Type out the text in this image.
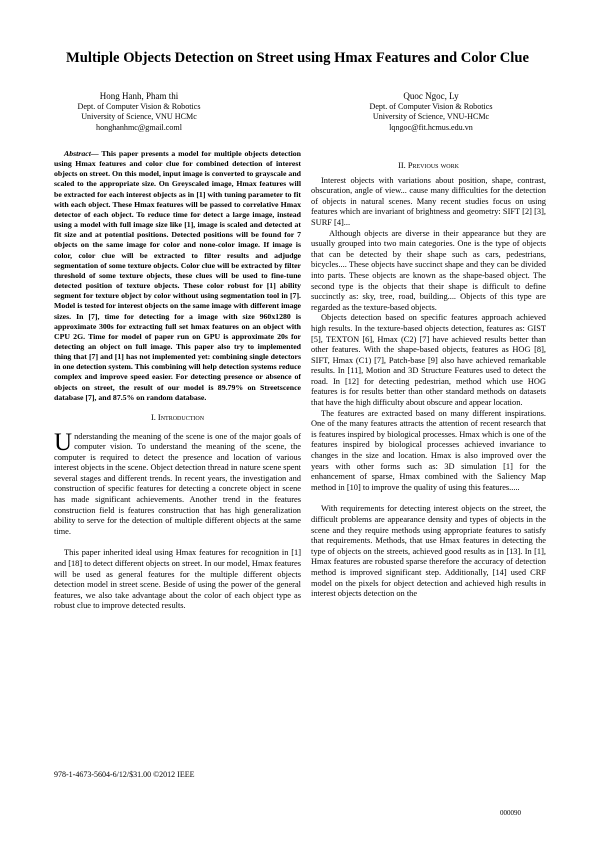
Multiple Objects Detection on Street using Hmax Features and Color Clue
Hong Hanh, Pham thi
Dept. of Computer Vision & Robotics
University of Science, VNU HCMc
honghanhmc@gmail.coml
Quoc Ngoc, Ly
Dept. of Computer Vision & Robotics
University of Science, VNU-HCMc
lqngoc@fit.hcmus.edu.vn

Abstract— This paper presents a model for multiple objects detection using Hmax features and color clue for combined detection of interest objects on street. On this model, input image is converted to grayscale and scaled to the appropriate size. On Greyscaled image, Hmax features will be extracted for each interest objects as in [1] with tuning parameter to fit with each object. These Hmax features will be passed to correlative Hmax detector of each object. To reduce time for detect a large image, instead using a model with full image size like [1], image is scaled and detected at fit size and at potential positions. Detected positions will be found for 7 objects on the same image for color and none-color image. If image is color, color clue will be extracted to filter results and adjudge segmentation of some texture objects. Color clue will be extracted by filter threshold of some texture objects, these clues will be used to fine-tune detected position of texture objects. These color robust for [1] ability segment for texture object by color without using segmentation tool in [7]. Model is tested for interest objects on the same image with different image sizes. In [7], time for detecting for a image with size 960x1280 is approximate 300s for extracting full set hmax features on an object with CPU 2G. Time for model of paper run on GPU is approximate 20s for detecting an object on full image. This paper also try to implemented thing that [7] and [1] has not implemented yet: combining single detectors in one detection system. This combining will help detection systems reduce complex and improve speed easier. For detecting presence or absence of objects on street, the result of our model is 89.79% on Streetscence database [7], and 87.5% on random database.

I. Introduction

Understanding the meaning of the scene is one of the major goals of computer vision. To understand the meaning of the scene, the computer is required to detect the presence and location of various interest objects in the scene. Object detection thread in nature scene spent several stages and different trends. In recent years, the investigation and construction of specific features for detecting a concrete object in scene has made significant achievements. Another trend in the features construction field is features construction that has high generalization ability to serve for the detection of multiple different objects at the same time.

This paper inherited ideal using Hmax features for recognition in [1] and [18] to detect different objects on street. In our model, Hmax features will be used as general features for the multiple different objects detection model in street scene. Beside of using the power of the general features, we also take advantage about the color of each object type as robust clue to improve detected results.

II. Previous work

Interest objects with variations about position, shape, contrast, obscuration, angle of view... cause many difficulties for the detection of objects in natural scenes. Many recent studies focus on using features which are invariant of brightness and geometry: SIFT [2] [3], SURF [4]...

Although objects are diverse in their appearance but they are usually grouped into two main categories. One is the type of objects that can be detected by their shape such as cars, pedestrians, bicycles.... These objects have succinct shape and they can be divided into parts. These objects are known as the shape-based object. The second type is the objects that their shape is difficult to define succinctly as: sky, tree, road, building.... Objects of this type are regarded as the texture-based objects.

Objects detection based on specific features approach achieved high results. In the texture-based objects detection, features as: GIST [5], TEXTON [6], Hmax (C2) [7] have achieved results better than other features. With the shape-based objects, features as HOG [8], SIFT, Hmax (C1) [7], Patch-base [9] also have achieved remarkable results. In [11], Motion and 3D Structure Features used to detect the road. In [12] for detecting pedestrian, method which use HOG features is for results better than other standard methods on datasets that have the high difficulty about obscure and appear location.

The features are extracted based on many different inspirations. One of the many features attracts the attention of recent research that is features inspired by biological processes. Hmax which is one of the features inspired by biological processes achieved invariance to changes in the size and location. Hmax is also improved over the years with other forms such as: 3D simulation [1] for the enhancement of sparse, Hmax combined with the Saliency Map method in [10] to improve the quality of using this features.....

With requirements for detecting interest objects on the street, the difficult problems are appearance density and types of objects in the scene and they require methods using appropriate features to satisfy that requirements. Methods, that use Hmax features in detecting the type of objects on the streets, achieved good results as in [13]. In [1], Hmax features are robusted sparse therefore the accuracy of detection method is improved significant step. Additionally, [14] used CRF model on the pixels for object detection and achieved high results in interest objects detection on the

978-1-4673-5604-6/12/$31.00 ©2012 IEEE
000090
